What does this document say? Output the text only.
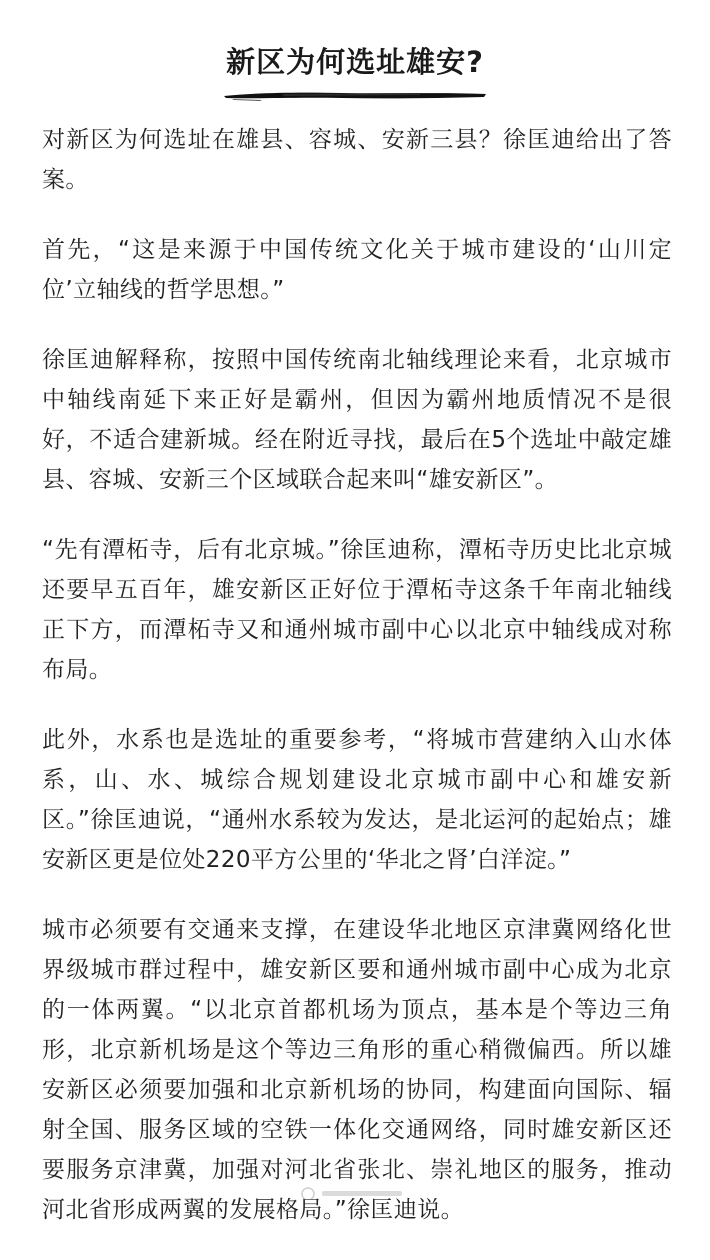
新区为何选址雄安?

对新区为何选址在雄县、容城、安新三县？徐匡迪给出了答案。

首先，“这是来源于中国传统文化关于城市建设的‘山川定位’立轴线的哲学思想。”

徐匡迪解释称，按照中国传统南北轴线理论来看，北京城市中轴线南延下来正好是霸州，但因为霸州地质情况不是很好，不适合建新城。经在附近寻找，最后在5个选址中敲定雄县、容城、安新三个区域联合起来叫“雄安新区”。

“先有潭柘寺，后有北京城。”徐匡迪称，潭柘寺历史比北京城还要早五百年，雄安新区正好位于潭柘寺这条千年南北轴线正下方，而潭柘寺又和通州城市副中心以北京中轴线成对称布局。

此外，水系也是选址的重要参考，“将城市营建纳入山水体系，山、水、城综合规划建设北京城市副中心和雄安新区。”徐匡迪说，“通州水系较为发达，是北运河的起始点；雄安新区更是位处220平方公里的‘华北之肾’白洋淀。”

城市必须要有交通来支撑，在建设华北地区京津冀网络化世界级城市群过程中，雄安新区要和通州城市副中心成为北京的一体两翼。“以北京首都机场为顶点，基本是个等边三角形，北京新机场是这个等边三角形的重心稍微偏西。所以雄安新区必须要加强和北京新机场的协同，构建面向国际、辐射全国、服务区域的空铁一体化交通网络，同时雄安新区还要服务京津冀，加强对河北省张北、崇礼地区的服务，推动河北省形成两翼的发展格局。”徐匡迪说。
